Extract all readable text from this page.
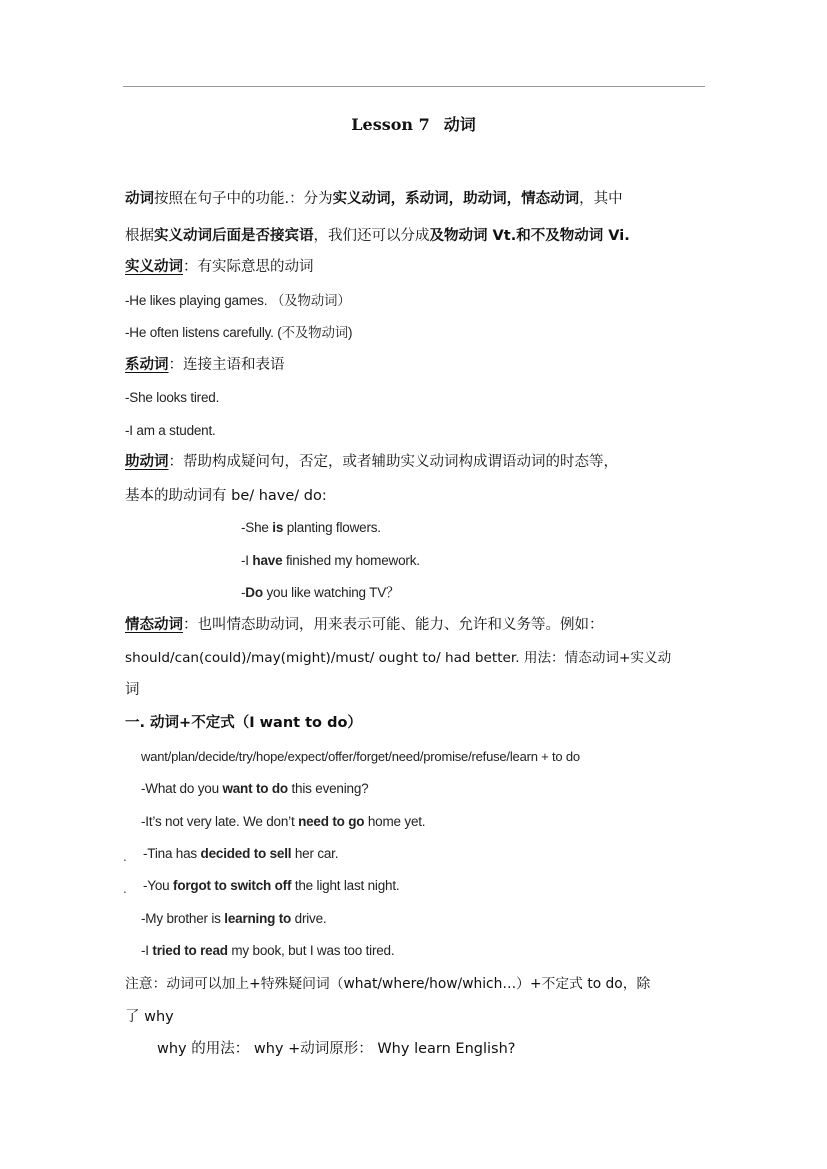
Lesson 7 动词
动词按照在句子中的功能.：分为实义动词，系动词，助动词，情态动词，其中
根据实义动词后面是否接宾语，我们还可以分成及物动词 Vt.和不及物动词 Vi.
实义动词：有实际意思的动词
-He likes playing games. （及物动词）
-He often listens carefully. (不及物动词)
系动词：连接主语和表语
-She looks tired.
-I am a student.
助动词：帮助构成疑问句，否定，或者辅助实义动词构成谓语动词的时态等，
基本的助动词有 be/ have/ do:
-She is planting flowers.
-I have finished my homework.
-Do you like watching TV？
情态动词：也叫情态助动词，用来表示可能、能力、允许和义务等。例如：
should/can(could)/may(might)/must/ ought to/ had better. 用法：情态动词+实义动
词
一. 动词+不定式（I want to do）
want/plan/decide/try/hope/expect/offer/forget/need/promise/refuse/learn + to do
-What do you want to do this evening?
-It’s not very late. We don’t need to go home yet.
. -Tina has decided to sell her car.
. -You forgot to switch off the light last night.
-My brother is learning to drive.
-I tried to read my book, but I was too tired.
注意：动词可以加上+特殊疑问词（what/where/how/which…）+不定式 to do，除
了 why
why 的用法： why +动词原形： Why learn English?
